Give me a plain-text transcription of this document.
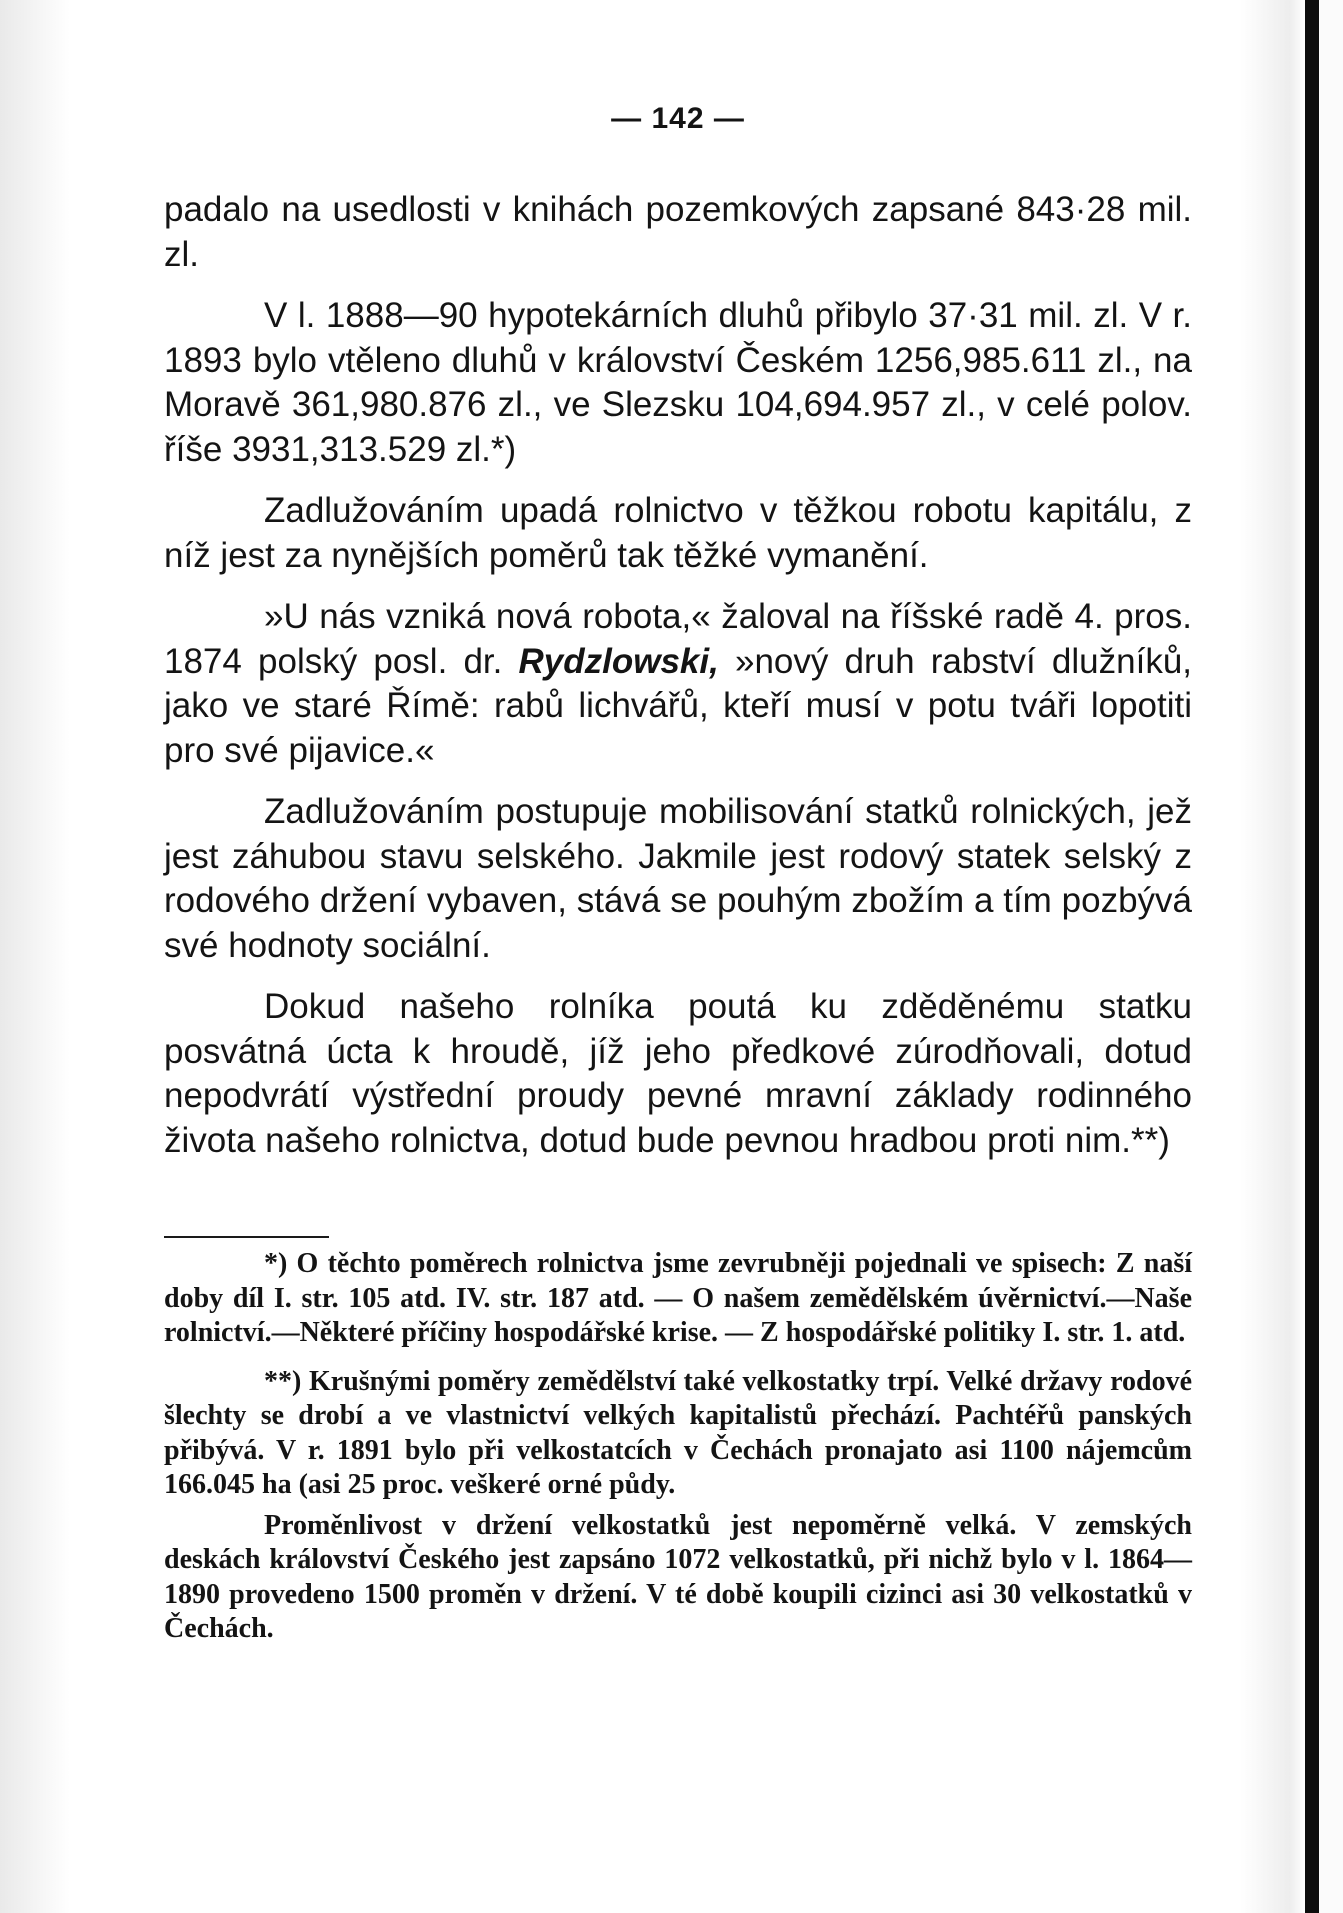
— 142 —

padalo na usedlosti v knihách pozemkových zapsané 843·28 mil. zl.

V l. 1888—90 hypotekárních dluhů přibylo 37·31 mil. zl. V r. 1893 bylo vtěleno dluhů v království Českém 1256,985.611 zl., na Moravě 361,980.876 zl., ve Slezsku 104,694.957 zl., v celé polov. říše 3931,313.529 zl.*)

Zadlužováním upadá rolnictvo v těžkou robotu kapitálu, z níž jest za nynějších poměrů tak těžké vymanění.

»U nás vzniká nová robota,« žaloval na říšské radě 4. pros. 1874 polský posl. dr. Rydzlowski, »nový druh rabství dlužníků, jako ve staré Římě: rabů lichvářů, kteří musí v potu tváři lopotiti pro své pijavice.«

Zadlužováním postupuje mobilisování statků rolnických, jež jest záhubou stavu selského. Jakmile jest rodový statek selský z rodového držení vybaven, stává se pouhým zbožím a tím pozbývá své hodnoty sociální.

Dokud našeho rolníka poutá ku zděděnému statku posvátná úcta k hroudě, jíž jeho předkové zúrodňovali, dotud nepodvrátí výstřední proudy pevné mravní základy rodinného života našeho rolnictva, dotud bude pevnou hradbou proti nim.**)

*) O těchto poměrech rolnictva jsme zevrubněji pojednali ve spisech: Z naší doby díl I. str. 105 atd. IV. str. 187 atd. — O našem zemědělském úvěrnictví.—Naše rolnictví.—Některé příčiny hospodářské krise. — Z hospodářské politiky I. str. 1. atd.

**) Krušnými poměry zemědělství také velkostatky trpí. Velké državy rodové šlechty se drobí a ve vlastnictví velkých kapitalistů přechází. Pachtéřů panských přibývá. V r. 1891 bylo při velkostatcích v Čechách pronajato asi 1100 nájemcům 166.045 ha (asi 25 proc. veškeré orné půdy.

Proměnlivost v držení velkostatků jest nepoměrně velká. V zemských deskách království Českého jest zapsáno 1072 velkostatků, při nichž bylo v l. 1864—1890 provedeno 1500 proměn v držení. V té době koupili cizinci asi 30 velkostatků v Čechách.
